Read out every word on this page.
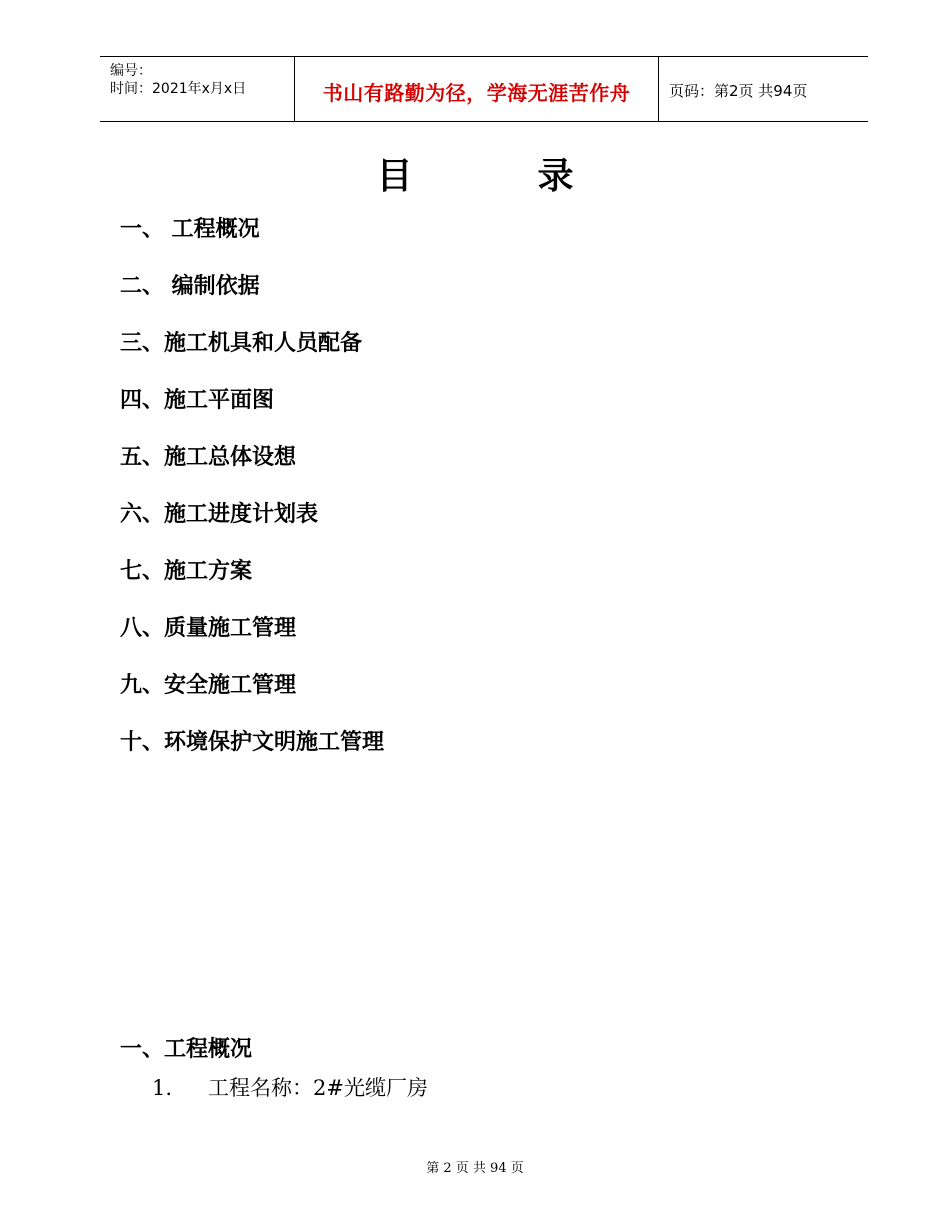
编号：
时间：2021年x月x日	书山有路勤为径，学海无涯苦作舟	页码：第2页 共94页
目	录
一、 工程概况
二、 编制依据
三、施工机具和人员配备
四、施工平面图
五、施工总体设想
六、施工进度计划表
七、施工方案
八、质量施工管理
九、安全施工管理
十、环境保护文明施工管理
一、工程概况
1. 工程名称：2#光缆厂房
第 2 页 共 94 页
